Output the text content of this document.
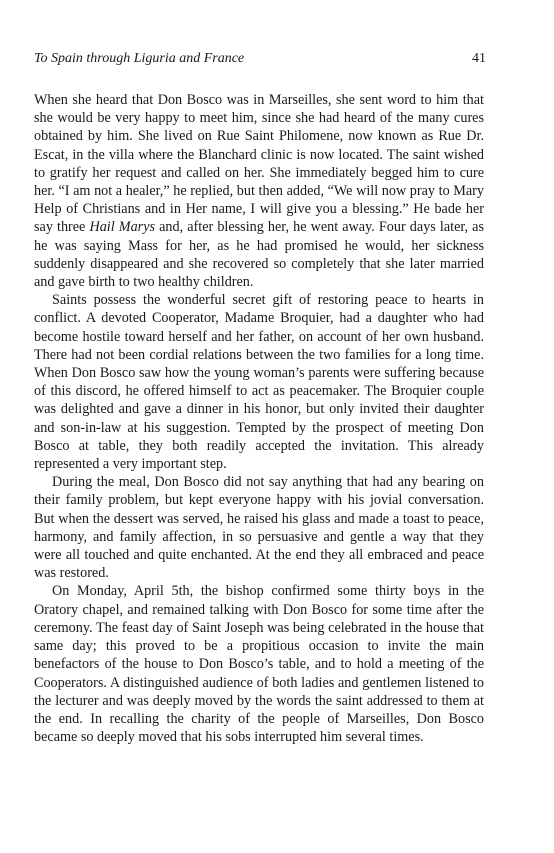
To Spain through Liguria and France	41

When she heard that Don Bosco was in Marseilles, she sent word to him that she would be very happy to meet him, since she had heard of the many cures obtained by him. She lived on Rue Saint Philomene, now known as Rue Dr. Escat, in the villa where the Blanchard clinic is now located. The saint wished to gratify her request and called on her. She immediately begged him to cure her. “I am not a healer,” he replied, but then added, “We will now pray to Mary Help of Christians and in Her name, I will give you a blessing.” He bade her say three Hail Marys and, after blessing her, he went away. Four days later, as he was saying Mass for her, as he had promised he would, her sickness suddenly disappeared and she recovered so completely that she later married and gave birth to two healthy children.

Saints possess the wonderful secret gift of restoring peace to hearts in conflict. A devoted Cooperator, Madame Broquier, had a daughter who had become hostile toward herself and her father, on account of her own husband. There had not been cordial relations between the two families for a long time. When Don Bosco saw how the young woman’s parents were suffering because of this discord, he offered himself to act as peacemaker. The Broquier couple was delighted and gave a dinner in his honor, but only invited their daughter and son-in-law at his suggestion. Tempted by the prospect of meeting Don Bosco at table, they both readily accepted the invitation. This already represented a very important step.

During the meal, Don Bosco did not say anything that had any bearing on their family problem, but kept everyone happy with his jovial conversation. But when the dessert was served, he raised his glass and made a toast to peace, harmony, and family affection, in so persuasive and gentle a way that they were all touched and quite enchanted. At the end they all embraced and peace was restored.

On Monday, April 5th, the bishop confirmed some thirty boys in the Oratory chapel, and remained talking with Don Bosco for some time after the ceremony. The feast day of Saint Joseph was being celebrated in the house that same day; this proved to be a propitious occasion to invite the main benefactors of the house to Don Bosco’s table, and to hold a meeting of the Cooperators. A distinguished audience of both ladies and gentlemen listened to the lecturer and was deeply moved by the words the saint addressed to them at the end. In recalling the charity of the people of Marseilles, Don Bosco became so deeply moved that his sobs interrupted him several times.
